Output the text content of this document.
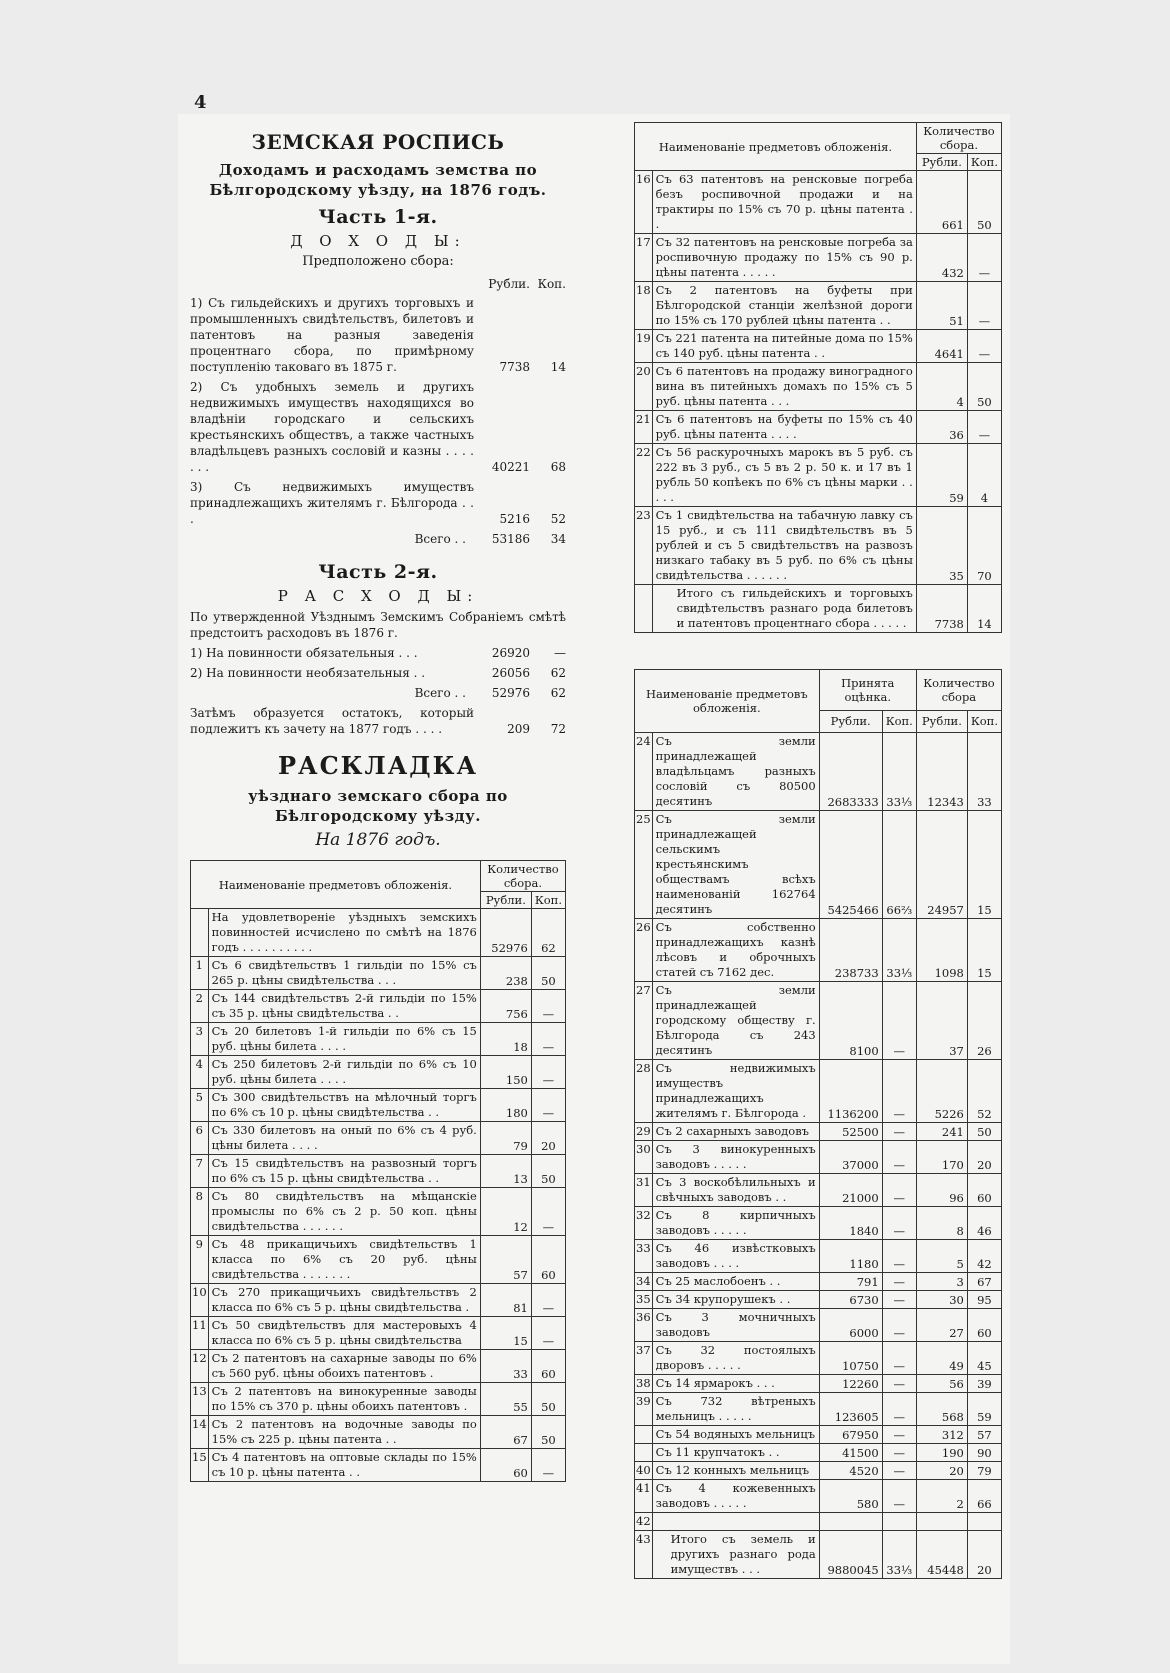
4
ЗЕМСКАЯ РОСПИСЬ
Доходамъ и расходамъ земства по Бѣлгородскому уѣзду, на 1876 годъ.
Часть 1-я.
Д О Х О Д Ы:
Предположено сбора:
Рубли. Коп.
1) Съ гильдейскихъ и другихъ торговыхъ и промышленныхъ свидѣтельствъ, билетовъ и патентовъ на разныя заведенія процентнаго сбора, по примѣрному поступленію таковаго въ 1875 г.	7738	14
2) Съ удобныхъ земель и другихъ недвижимыхъ имуществъ находящихся во владѣніи городскаго и сельскихъ крестьянскихъ обществъ, а также частныхъ владѣльцевъ разныхъ сословій и казны . . . . . . .	40221	68
3) Съ недвижимыхъ имуществъ принадлежащихъ жителямъ г. Бѣлгорода . . .	5216	52
Всего . .	53186	34
Часть 2-я.
Р А С Х О Д Ы:
По утвержденной Уѣзднымъ Земскимъ Собраніемъ смѣтѣ предстоитъ расходовъ въ 1876 г.
1) На повинности обязательныя . . .	26920	—
2) На повинности необязательныя . .	26056	62
Всего . .	52976	62
Затѣмъ образуется остатокъ, который подлежитъ къ зачету на 1877 годъ . . . .	209	72
РАСКЛАДКА
уѣзднаго земскаго сбора по Бѣлгородскому уѣзду.
На 1876 годъ.
Наименованіе предметовъ обложенія.		Количество сбора.	
		Рубли.	Коп.
	На удовлетвореніе уѣздныхъ земскихъ повинностей исчислено по смѣтѣ на 1876 годъ . . . . . . . . . .	52976	62
1	Съ 6 свидѣтельствъ 1 гильдіи по 15% съ 265 р. цѣны свидѣтельства . . .	238	50
2	Съ 144 свидѣтельствъ 2-й гильдіи по 15% съ 35 р. цѣны свидѣтельства . .	756	—
3	Съ 20 билетовъ 1-й гильдіи по 6% съ 15 руб. цѣны билета . . . .	18	—
4	Съ 250 билетовъ 2-й гильдіи по 6% съ 10 руб. цѣны билета . . . .	150	—
5	Съ 300 свидѣтельствъ на мѣлочный торгъ по 6% съ 10 р. цѣны свидѣтельства . .	180	—
6	Съ 330 билетовъ на оный по 6% съ 4 руб. цѣны билета . . . .	79	20
7	Съ 15 свидѣтельствъ на развозный торгъ по 6% съ 15 р. цѣны свидѣтельства . .	13	50
8	Съ 80 свидѣтельствъ на мѣщанскіе промыслы по 6% съ 2 р. 50 коп. цѣны свидѣтельства . . . . . .	12	—
9	Съ 48 прикащичьихъ свидѣтельствъ 1 класса по 6% съ 20 руб. цѣны свидѣтельства . . . . . . .	57	60
10	Съ 270 прикащичьихъ свидѣтельствъ 2 класса по 6% съ 5 р. цѣны свидѣтельства .	81	—
11	Съ 50 свидѣтельствъ для мастеровыхъ 4 класса по 6% съ 5 р. цѣны свидѣтельства	15	—
12	Съ 2 патентовъ на сахарные заводы по 6% съ 560 руб. цѣны обоихъ патентовъ .	33	60
13	Съ 2 патентовъ на винокуренные заводы по 15% съ 370 р. цѣны обоихъ патентовъ .	55	50
14	Съ 2 патентовъ на водочные заводы по 15% съ 225 р. цѣны патента . .	67	50
15	Съ 4 патентовъ на оптовые склады по 15% съ 10 р. цѣны патента . .	60	—
Наименованіе предметовъ обложенія.		Количество сбора.	
		Рубли.	Коп.
16	Съ 63 патентовъ на ренсковые погреба безъ роспивочной продажи и на трактиры по 15% съ 70 р. цѣны патента . .	661	50
17	Съ 32 патентовъ на ренсковые погреба за роспивочную продажу по 15% съ 90 р. цѣны патента . . . . .	432	—
18	Съ 2 патентовъ на буфеты при Бѣлгородской станціи желѣзной дороги по 15% съ 170 рублей цѣны патента . .	51	—
19	Съ 221 патента на питейные дома по 15% съ 140 руб. цѣны патента . .	4641	—
20	Съ 6 патентовъ на продажу виноградного вина въ питейныхъ домахъ по 15% съ 5 руб. цѣны патента . . .	4	50
21	Съ 6 патентовъ на буфеты по 15% съ 40 руб. цѣны патента . . . .	36	—
22	Съ 56 раскурочныхъ марокъ въ 5 руб. съ 222 въ 3 руб., съ 5 въ 2 р. 50 к. и 17 въ 1 рубль 50 копѣекъ по 6% съ цѣны марки . . . . .	59	4
23	Съ 1 свидѣтельства на табачную лавку съ 15 руб., и съ 111 свидѣтельствъ въ 5 рублей и съ 5 свидѣтельствъ на развозъ низкаго табаку въ 5 руб. по 6% съ цѣны свидѣтельства . . . . . .	35	70
	Итого съ гильдейскихъ и торговыхъ свидѣтельствъ разнаго рода билетовъ и патентовъ процентнаго сбора . . . . .	7738	14
Наименованіе предметовъ обложенія.		Принята оцѣнка.		Количество сбора	
		Рубли.	Коп.	Рубли.	Коп.
24	Съ земли принадлежащей владѣльцамъ разныхъ сословій съ 80500 десятинъ	2683333	33⅓	12343	33
25	Съ земли принадлежащей сельскимъ крестьянскимъ обществамъ всѣхъ наименованій 162764 десятинъ	5425466	66⅔	24957	15
26	Съ собственно принадлежащихъ казнѣ лѣсовъ и оброчныхъ статей съ 7162 дес.	238733	33⅓	1098	15
27	Съ земли принадлежащей городскому обществу г. Бѣлгорода съ 243 десятинъ	8100	—	37	26
28	Съ недвижимыхъ имуществъ принадлежащихъ жителямъ г. Бѣлгорода .	1136200	—	5226	52
29	Съ 2 сахарныхъ заводовъ	52500	—	241	50
30	Съ 3 винокуренныхъ заводовъ . . . . .	37000	—	170	20
31	Съ 3 воскобѣлильныхъ и свѣчныхъ заводовъ . .	21000	—	96	60
32	Съ 8 кирпичныхъ заводовъ . . . . .	1840	—	8	46
33	Съ 46 извѣстковыхъ заводовъ . . . .	1180	—	5	42
34	Съ 25 маслобоенъ . .	791	—	3	67
35	Съ 34 крупорушекъ . .	6730	—	30	95
36	Съ 3 мочничныхъ заводовъ	6000	—	27	60
37	Съ 32 постоялыхъ дворовъ . . . . .	10750	—	49	45
38	Съ 14 ярмарокъ . . .	12260	—	56	39
39	Съ 732 вѣтреныхъ мельницъ . . . . .	123605	—	568	59
	Съ 54 водяныхъ мельницъ	67950	—	312	57
	Съ 11 крупчатокъ . .	41500	—	190	90
40	Съ 12 конныхъ мельницъ	4520	—	20	79
41	Съ 4 кожевенныхъ заводовъ . . . . .	580	—	2	66
42					
43	Итого съ земель и другихъ разнаго рода имуществъ . . .	9880045	33⅓	45448	20
